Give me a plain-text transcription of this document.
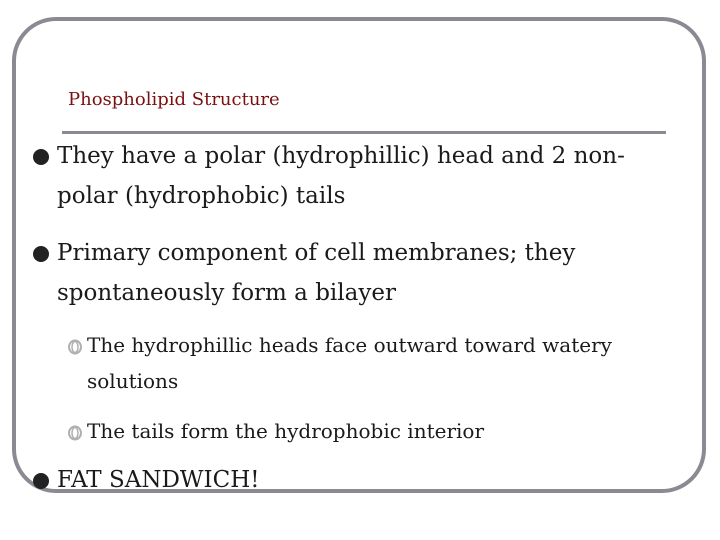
Phospholipid Structure
They have a polar (hydrophillic) head and 2 non-
polar (hydrophobic) tails
Primary component of cell membranes; they
spontaneously form a bilayer
The hydrophillic heads face outward toward watery
solutions
The tails form the hydrophobic interior
FAT SANDWICH!
